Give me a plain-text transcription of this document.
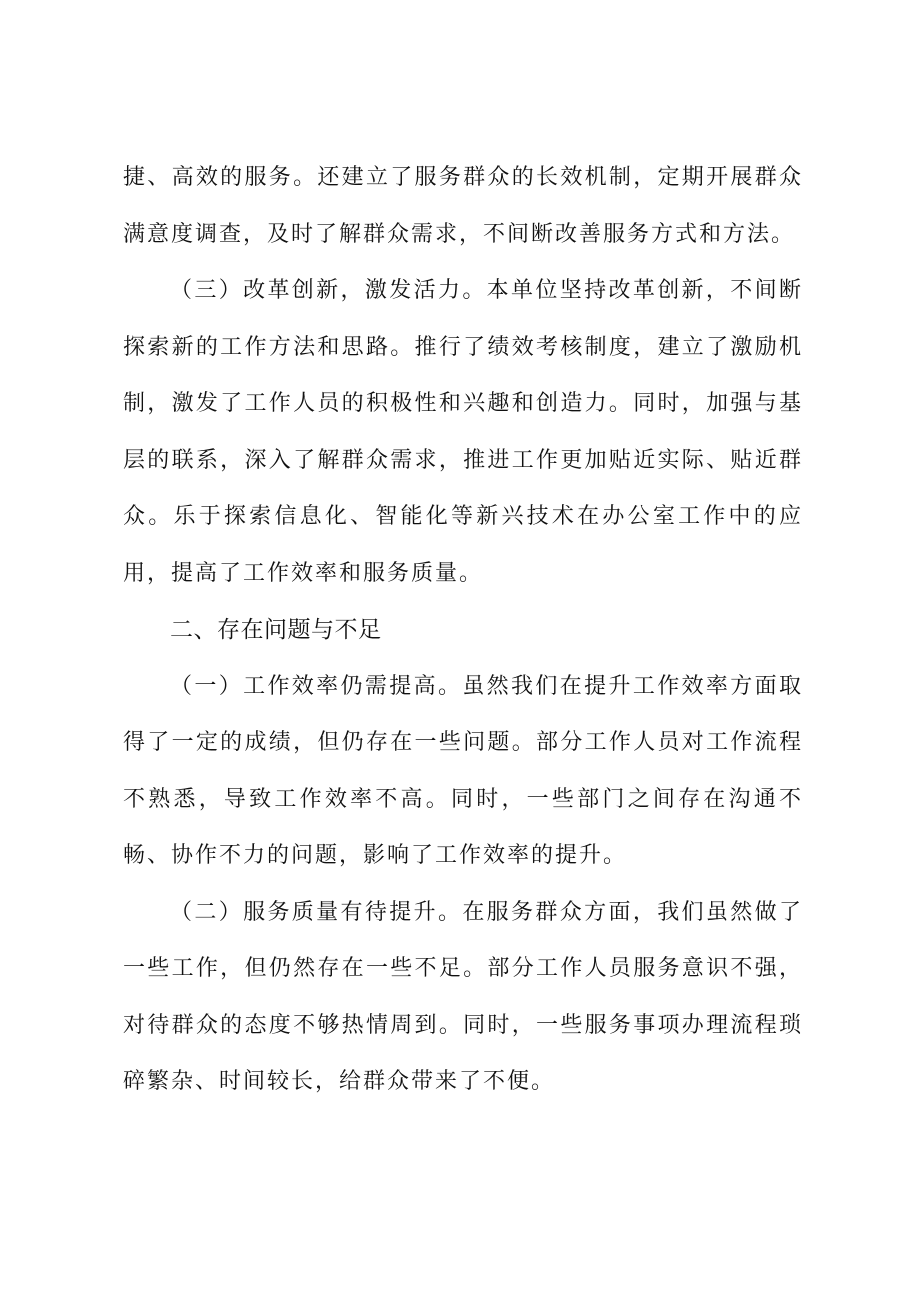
捷、高效的服务。还建立了服务群众的长效机制，定期开展群众满意度调查，及时了解群众需求，不间断改善服务方式和方法。

（三）改革创新，激发活力。本单位坚持改革创新，不间断探索新的工作方法和思路。推行了绩效考核制度，建立了激励机制，激发了工作人员的积极性和兴趣和创造力。同时，加强与基层的联系，深入了解群众需求，推进工作更加贴近实际、贴近群众。乐于探索信息化、智能化等新兴技术在办公室工作中的应用，提高了工作效率和服务质量。

二、存在问题与不足

（一）工作效率仍需提高。虽然我们在提升工作效率方面取得了一定的成绩，但仍存在一些问题。部分工作人员对工作流程不熟悉，导致工作效率不高。同时，一些部门之间存在沟通不畅、协作不力的问题，影响了工作效率的提升。

（二）服务质量有待提升。在服务群众方面，我们虽然做了一些工作，但仍然存在一些不足。部分工作人员服务意识不强，对待群众的态度不够热情周到。同时，一些服务事项办理流程琐碎繁杂、时间较长，给群众带来了不便。
